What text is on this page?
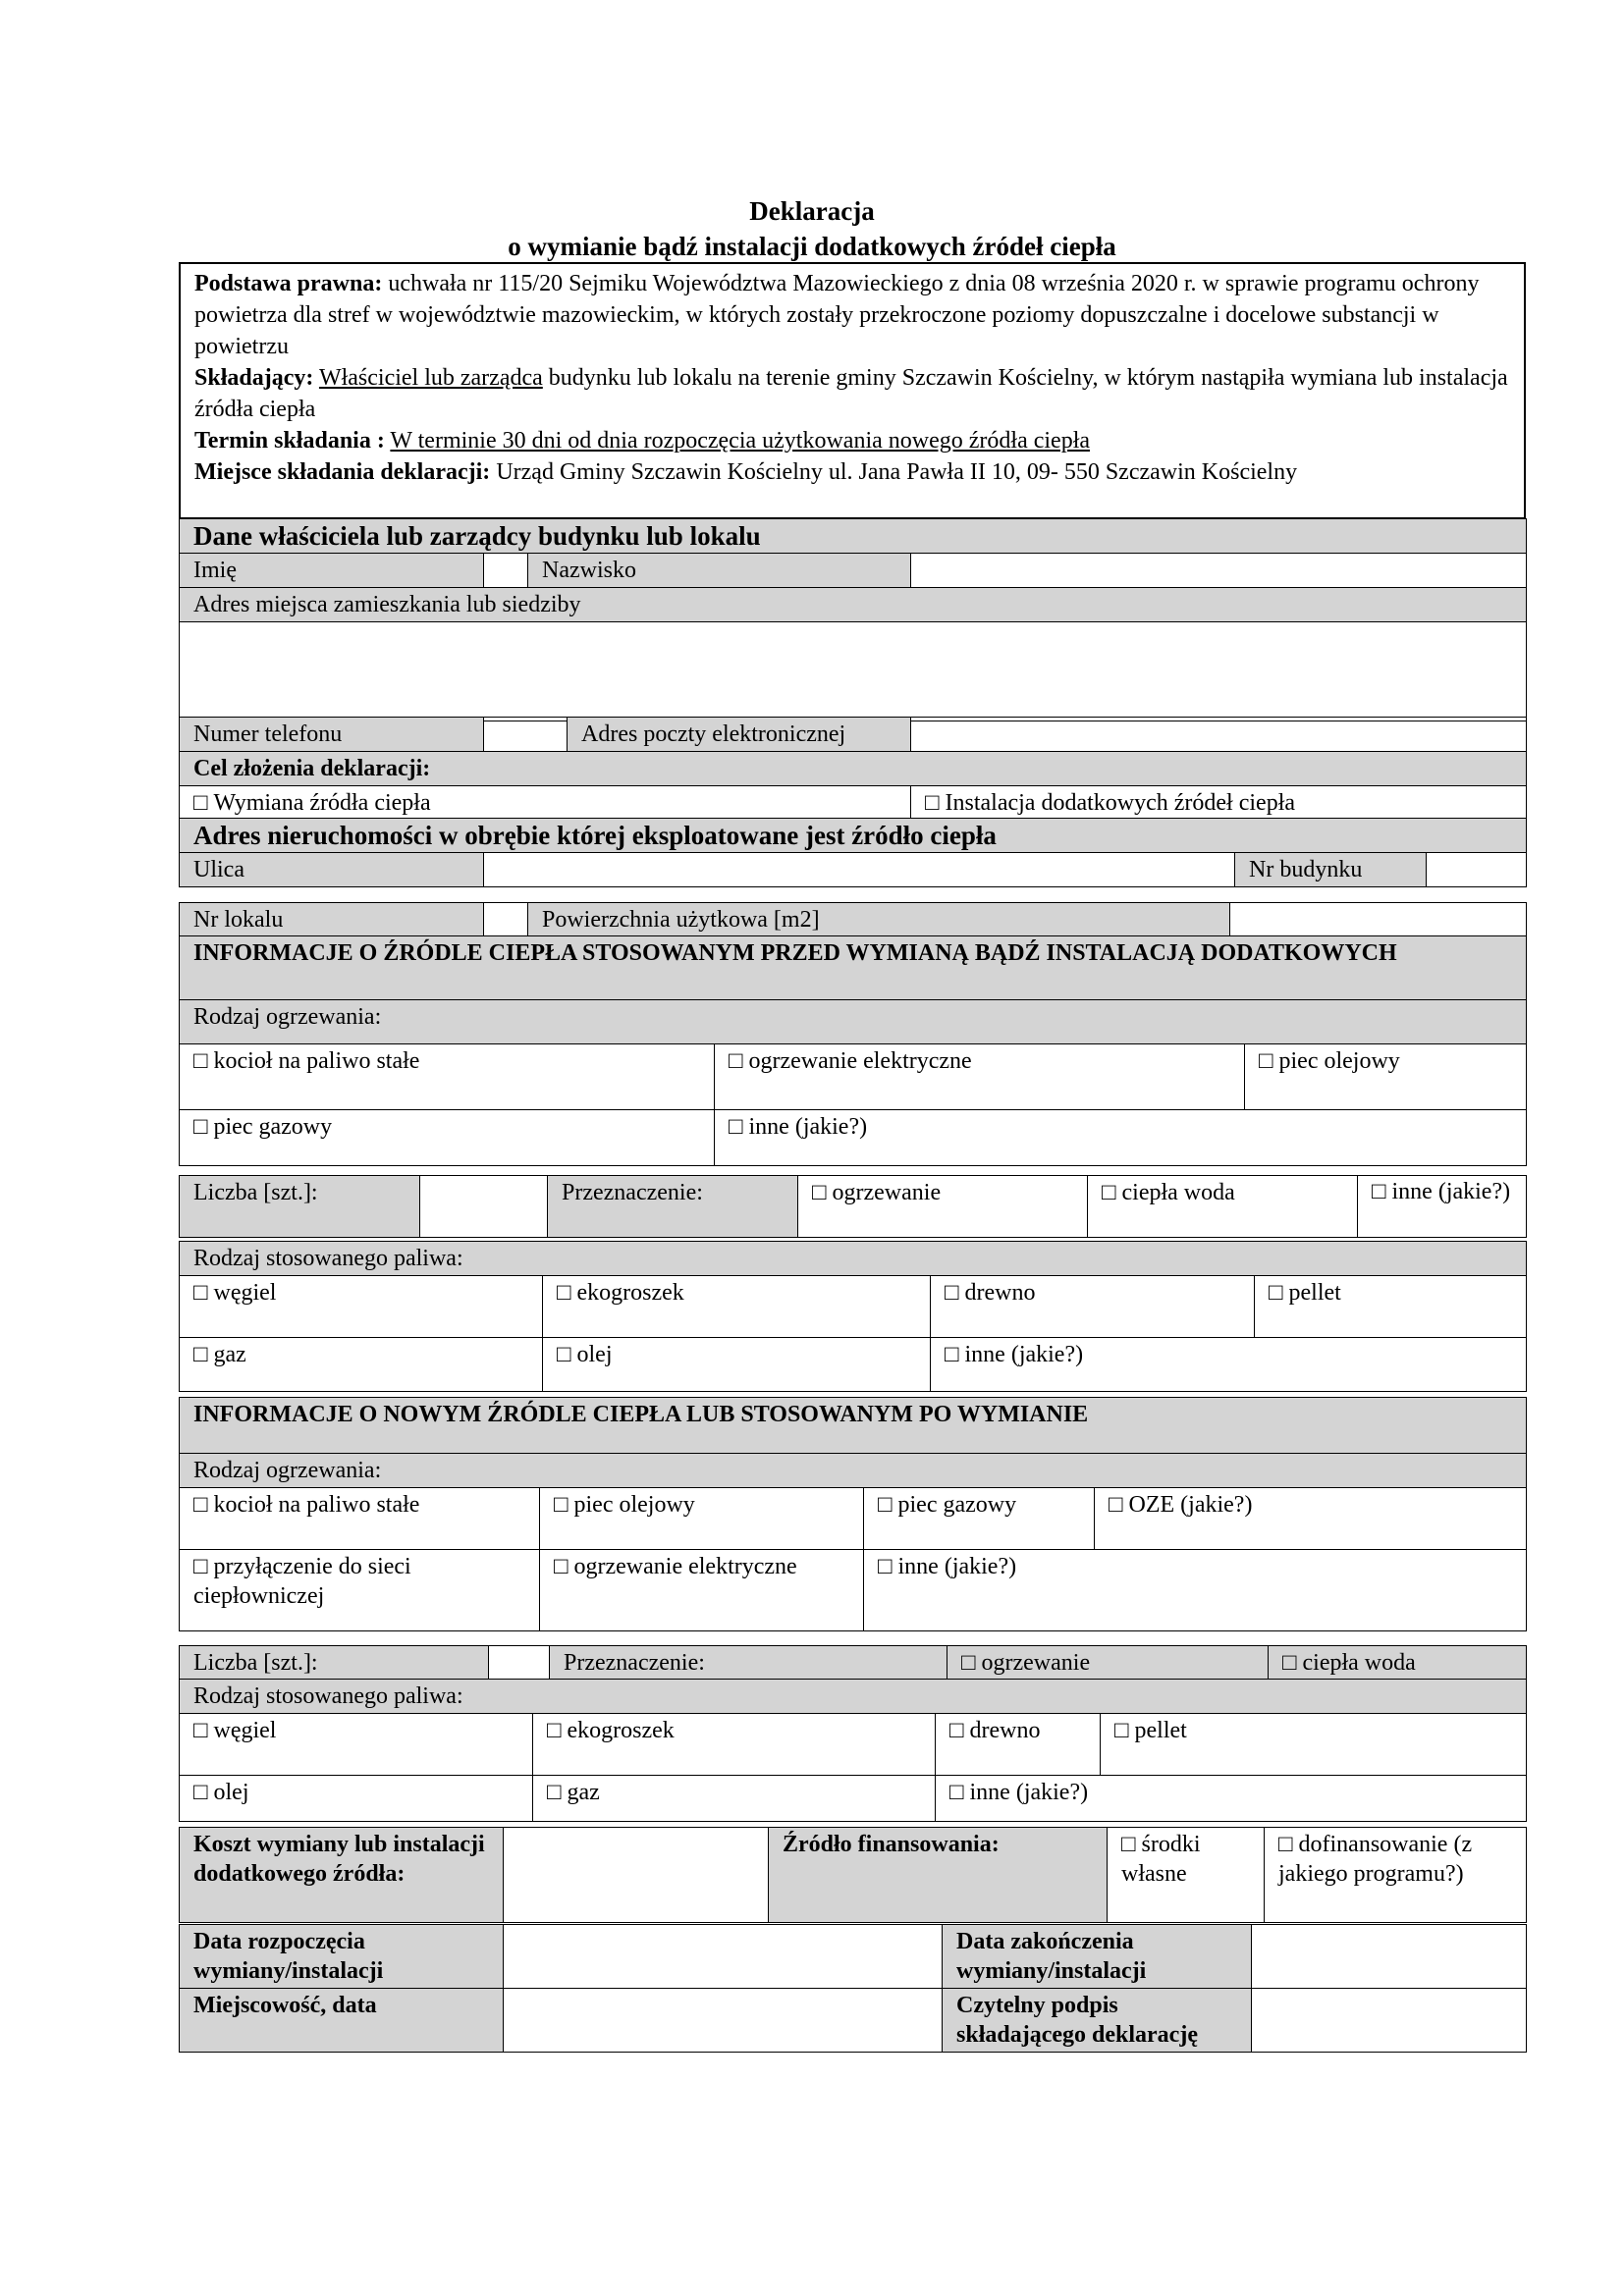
Deklaracja
o wymianie bądź instalacji dodatkowych źródeł ciepła
Podstawa prawna: uchwała nr 115/20 Sejmiku Województwa Mazowieckiego z dnia 08 września 2020 r. w sprawie programu ochrony powietrza dla stref w województwie mazowieckim, w których zostały przekroczone poziomy dopuszczalne i docelowe substancji w powietrzu
Składający: Właściciel lub zarządca budynku lub lokalu na terenie gminy Szczawin Kościelny, w którym nastąpiła wymiana lub instalacja źródła ciepła
Termin składania : W terminie 30 dni od dnia rozpoczęcia użytkowania nowego źródła ciepła
Miejsce składania deklaracji: Urząd Gminy Szczawin Kościelny ul. Jana Pawła II 10, 09- 550 Szczawin Kościelny
Dane właściciela lub zarządcy budynku lub lokalu
Imię		Nazwisko	
Adres miejsca zamieszkania lub siedziby

Numer telefonu		Adres poczty elektronicznej	
Cel złożenia deklaracji:			
□ Wymiana źródła ciepła	□Instalacja dodatkowych źródeł ciepła
Adres nieruchomości w obrębie której eksploatowane jest źródło ciepła
Ulica		Nr budynku	
Nr lokalu		Powierzchnia użytkowa [m2]	
INFORMACJE O ŹRÓDLE CIEPŁA STOSOWANYM PRZED WYMIANĄ BĄDŹ INSTALACJĄ DODATKOWYCH		
Rodzaj ogrzewania:		
□ kocioł na paliwo stałe	□ogrzewanie elektryczne	□piec olejowy
□ piec gazowy	□inne (jakie?)
Liczba [szt.]:		Przeznaczenie:	□ogrzewanie	□ciepła woda	□inne (jakie?)
Rodzaj stosowanego paliwa:			
□ węgiel	□ekogroszek	□drewno	□pellet
□ gaz	□olej	□inne (jakie?)
INFORMACJE O NOWYM ŹRÓDLE CIEPŁA LUB STOSOWANYM PO WYMIANIE			
Rodzaj ogrzewania:			
□ kocioł na paliwo stałe	□piec olejowy	□piec gazowy	□OZE (jakie?)
□ przyłączenie do sieci ciepłowniczej	□ ogrzewanie elektryczne	□inne (jakie?)
Liczba [szt.]:		Przeznaczenie:	□ogrzewanie	□ciepła woda
Rodzaj stosowanego paliwa:			
□ węgiel	□ekogroszek	□drewno	□pellet
□ olej	□gaz	□inne (jakie?)
Koszt wymiany lub instalacji dodatkowego źródła:		Źródło finansowania:	□środki własne	□ dofinansowanie (z jakiego programu?)
Data rozpoczęcia wymiany/instalacji		Data zakończenia wymiany/instalacji	
Miejscowość, data		Czytelny podpis składającego deklarację	
